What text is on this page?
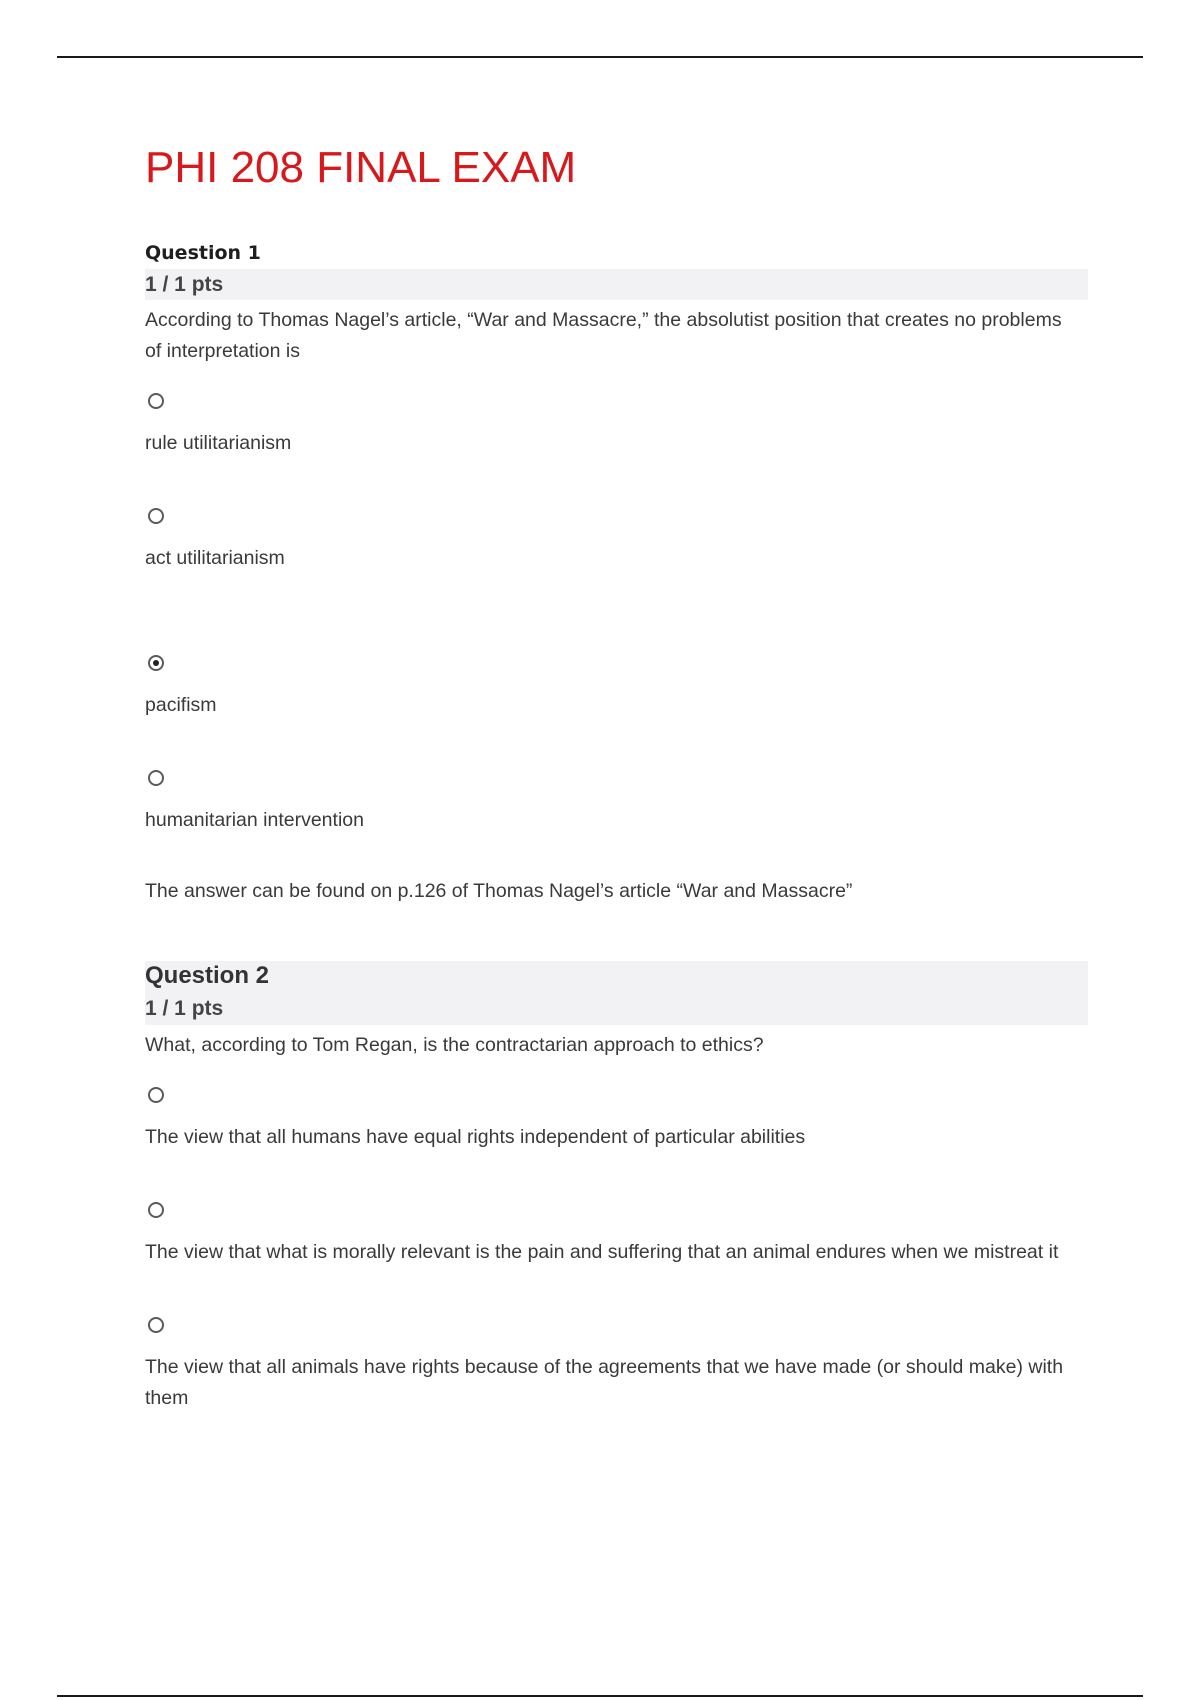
PHI 208 FINAL EXAM
Question 1
1 / 1 pts
According to Thomas Nagel’s article, “War and Massacre,” the absolutist position that creates no problems of interpretation is
rule utilitarianism
act utilitarianism
pacifism
humanitarian intervention
The answer can be found on p.126 of Thomas Nagel’s article “War and Massacre”
Question 2
1 / 1 pts
What, according to Tom Regan, is the contractarian approach to ethics?
The view that all humans have equal rights independent of particular abilities
The view that what is morally relevant is the pain and suffering that an animal endures when we mistreat it
The view that all animals have rights because of the agreements that we have made (or should make) with them
